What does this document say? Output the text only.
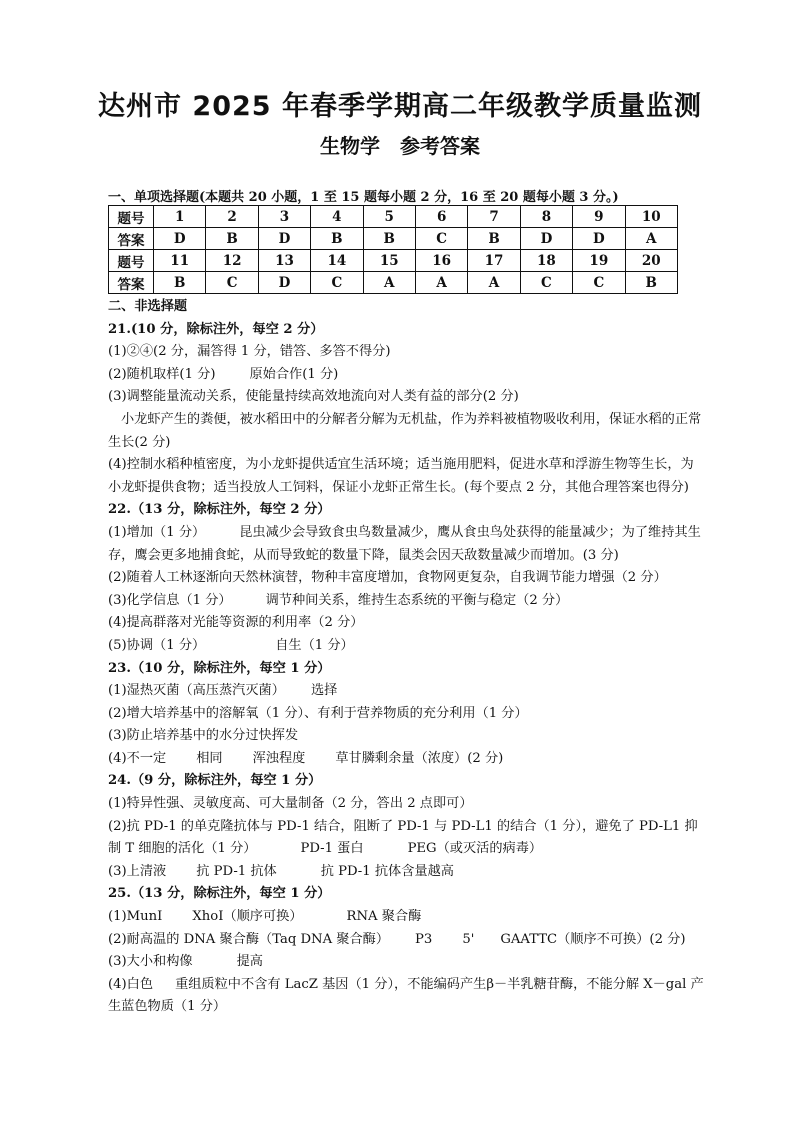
达州市 2025 年春季学期高二年级教学质量监测
生物学　参考答案
一、单项选择题(本题共 20 小题，1 至 15 题每小题 2 分，16 至 20 题每小题 3 分。)
题号	1	2	3	4	5	6	7	8	9	10
答案	D	B	D	B	B	C	B	D	D	A
题号	11	12	13	14	15	16	17	18	19	20
答案	B	C	D	C	A	A	A	C	C	B
二、非选择题
21.(10 分，除标注外，每空 2 分）
(1)②④(2 分，漏答得 1 分，错答、多答不得分)
(2)随机取样(1 分)	原始合作(1 分)
(3)调整能量流动关系，使能量持续高效地流向对人类有益的部分(2 分)
小龙虾产生的粪便，被水稻田中的分解者分解为无机盐，作为养料被植物吸收利用，保证水稻的正常生长(2 分)
(4)控制水稻种植密度，为小龙虾提供适宜生活环境；适当施用肥料，促进水草和浮游生物等生长，为小龙虾提供食物；适当投放人工饲料，保证小龙虾正常生长。(每个要点 2 分，其他合理答案也得分)
22.（13 分，除标注外，每空 2 分）
(1)增加（1 分）	昆虫减少会导致食虫鸟数量减少，鹰从食虫鸟处获得的能量减少；为了维持其生存，鹰会更多地捕食蛇，从而导致蛇的数量下降，鼠类会因天敌数量减少而增加。(3 分)
(2)随着人工林逐渐向天然林演替，物种丰富度增加，食物网更复杂，自我调节能力增强（2 分）
(3)化学信息（1 分）	调节种间关系，维持生态系统的平衡与稳定（2 分）
(4)提高群落对光能等资源的利用率（2 分）
(5)协调（1 分）	自生（1 分）
23.（10 分，除标注外，每空 1 分）
(1)湿热灭菌（高压蒸汽灭菌） 选择
(2)增大培养基中的溶解氧（1 分）、有利于营养物质的充分利用（1 分）
(3)防止培养基中的水分过快挥发
(4)不一定 相同 浑浊程度 草甘膦剩余量（浓度）(2 分)
24.（9 分，除标注外，每空 1 分）
(1)特异性强、灵敏度高、可大量制备（2 分，答出 2 点即可）
(2)抗 PD-1 的单克隆抗体与 PD-1 结合，阻断了 PD-1 与 PD-L1 的结合（1 分），避免了 PD-L1 抑制 T 细胞的活化（1 分）	PD-1 蛋白	PEG（或灭活的病毒）
(3)上清液 抗 PD-1 抗体	抗 PD-1 抗体含量越高
25.（13 分，除标注外，每空 1 分）
(1)MunI XhoI（顺序可换）	RNA 聚合酶
(2)耐高温的 DNA 聚合酶（Taq DNA 聚合酶） P3 5' GAATTC（顺序不可换）(2 分)
(3)大小和构像	提高
(4)白色 重组质粒中不含有 LacZ 基因（1 分），不能编码产生β－半乳糖苷酶，不能分解 X－gal 产生蓝色物质（1 分）
